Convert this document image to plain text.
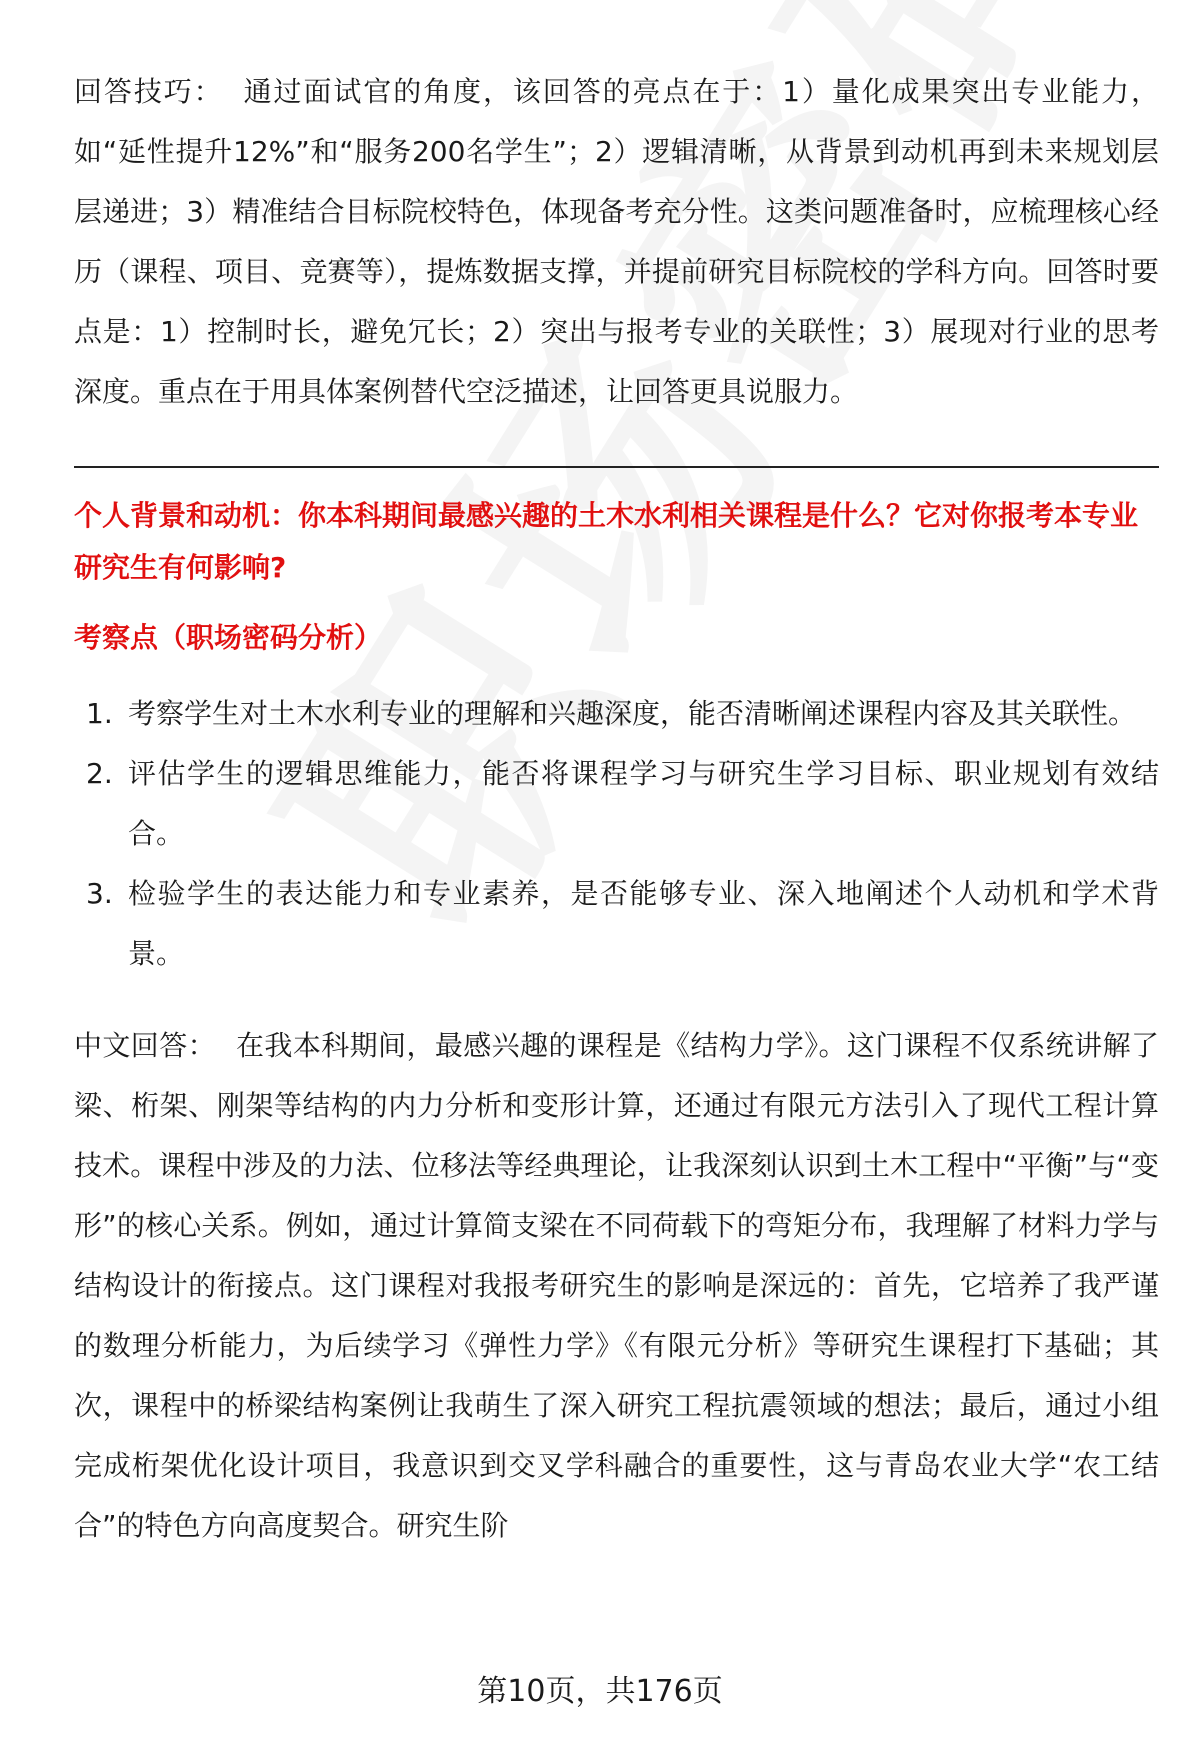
回答技巧： 通过面试官的角度，该回答的亮点在于：1）量化成果突出专业能力，如“延性提升12%”和“服务200名学生”；2）逻辑清晰，从背景到动机再到未来规划层层递进；3）精准结合目标院校特色，体现备考充分性。这类问题准备时，应梳理核心经历（课程、项目、竞赛等），提炼数据支撑，并提前研究目标院校的学科方向。回答时要点是：1）控制时长，避免冗长；2）突出与报考专业的关联性；3）展现对行业的思考深度。重点在于用具体案例替代空泛描述，让回答更具说服力。

个人背景和动机：你本科期间最感兴趣的土木水利相关课程是什么？它对你报考本专业研究生有何影响?

考察点（职场密码分析）

1. 考察学生对土木水利专业的理解和兴趣深度，能否清晰阐述课程内容及其关联性。
2. 评估学生的逻辑思维能力，能否将课程学习与研究生学习目标、职业规划有效结合。
3. 检验学生的表达能力和专业素养，是否能够专业、深入地阐述个人动机和学术背景。

中文回答： 在我本科期间，最感兴趣的课程是《结构力学》。这门课程不仅系统讲解了梁、桁架、刚架等结构的内力分析和变形计算，还通过有限元方法引入了现代工程计算技术。课程中涉及的力法、位移法等经典理论，让我深刻认识到土木工程中“平衡”与“变形”的核心关系。例如，通过计算简支梁在不同荷载下的弯矩分布，我理解了材料力学与结构设计的衔接点。这门课程对我报考研究生的影响是深远的：首先，它培养了我严谨的数理分析能力，为后续学习《弹性力学》《有限元分析》等研究生课程打下基础；其次，课程中的桥梁结构案例让我萌生了深入研究工程抗震领域的想法；最后，通过小组完成桁架优化设计项目，我意识到交叉学科融合的重要性，这与青岛农业大学“农工结合”的特色方向高度契合。研究生阶

第10页，共176页
